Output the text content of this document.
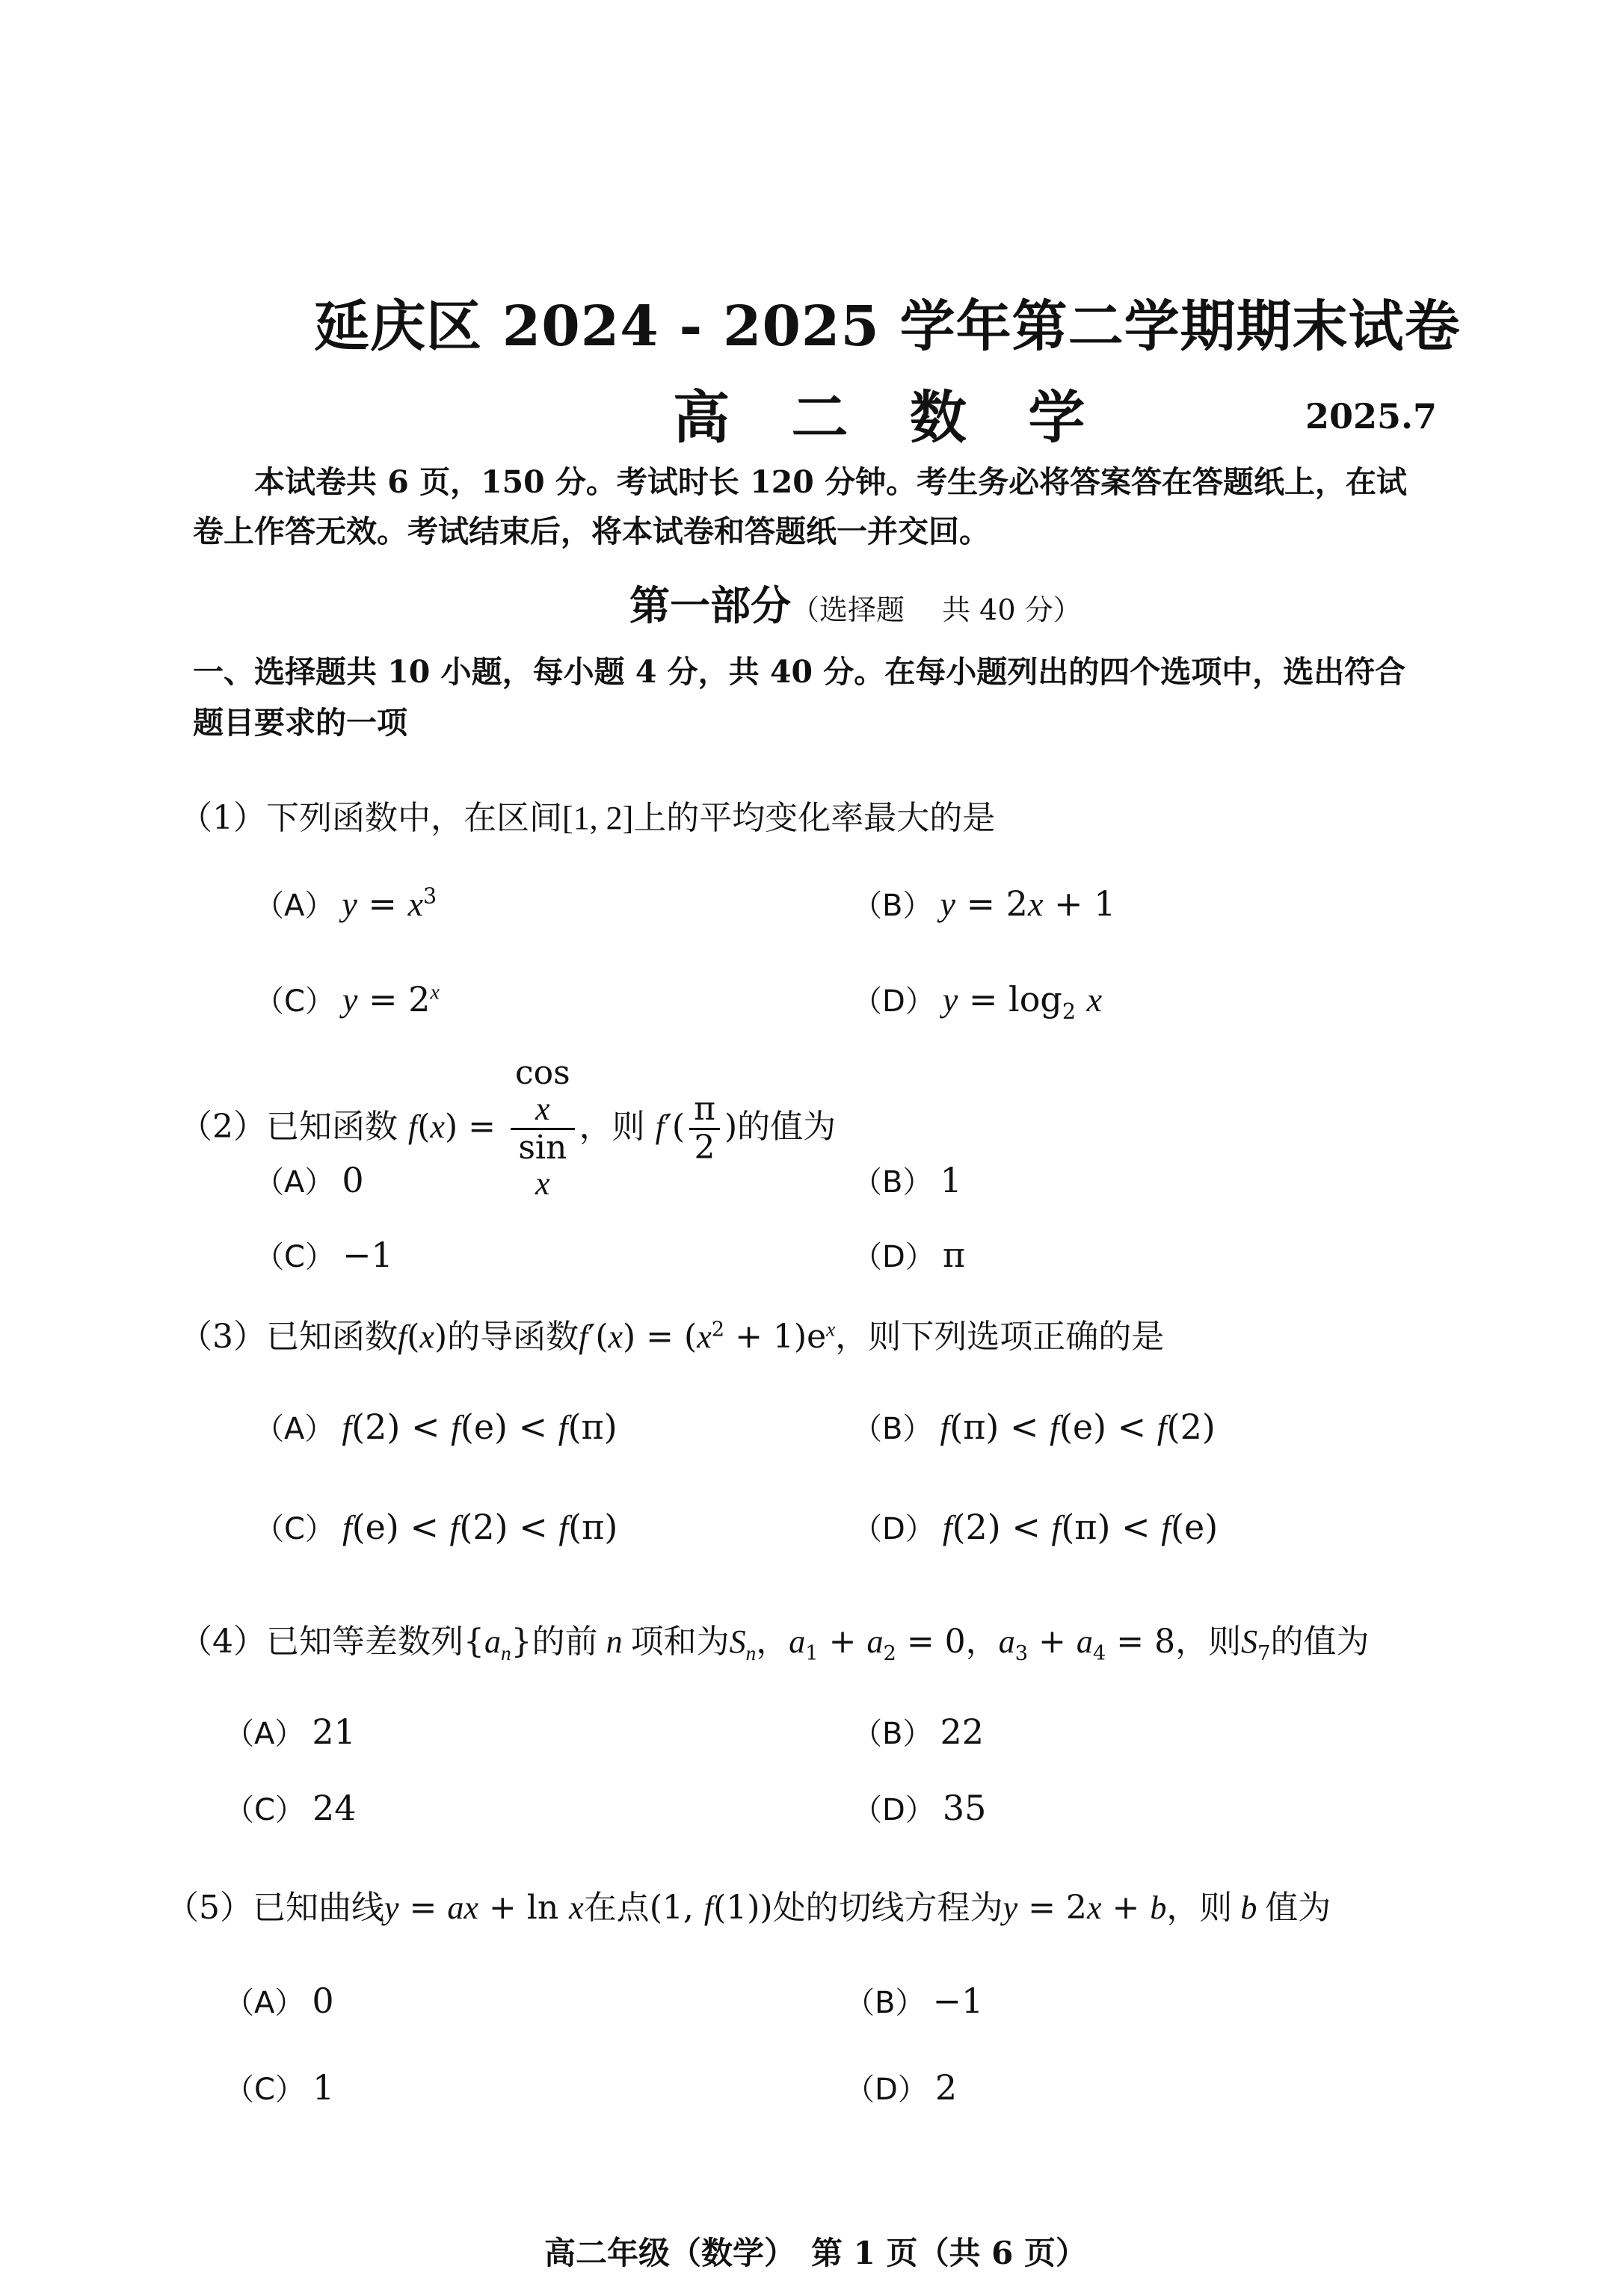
延庆区 2024 - 2025 学年第二学期期末试卷
高 二 数 学	2025.7
本试卷共 6 页，150 分。考试时长 120 分钟。考生务必将答案答在答题纸上，在试
卷上作答无效。考试结束后，将本试卷和答题纸一并交回。
第一部分（选择题　 共 40 分）
一、选择题共 10 小题，每小题 4 分，共 40 分。在每小题列出的四个选项中，选出符合
题目要求的一项
（1）下列函数中，在区间[1, 2]上的平均变化率最大的是
（A） $y = x^3$	（B） y = 2x + 1
（C） $y = 2^x$	（D） $y = \log_2 x$
（2）已知函数 f(x) = cos
x
sin
x ，则 $f'( \frac{\pi}{2}$ )的值为
（A） 0	（B） 1
（C） −1	（D） π
（3）已知函数f(x)的导函数$f'(x) = (x^2 + 1)e^x$，则下列选项正确的是
（A） f(2) < f(e) < f(π)	（B） f(π) < f(e) < f(2)
（C） f(e) < f(2) < f(π)	（D） f(2) < f(π) < f(e)
（4）已知等差数列$\{a_n\}$的前 n 项和为$S_n$，$a_1 + a_2 = 0$，$a_3 + a_4 = 8$，则$S_7$的值为
（A） 21	（B） 22
（C） 24	（D） 35
（5）已知曲线y = ax + ln x在点(1, f(1))处的切线方程为y = 2x + b，则 b 值为
（A） 0	（B） −1
（C） 1	（D） 2
高二年级（数学）　第 1 页（共 6 页）
